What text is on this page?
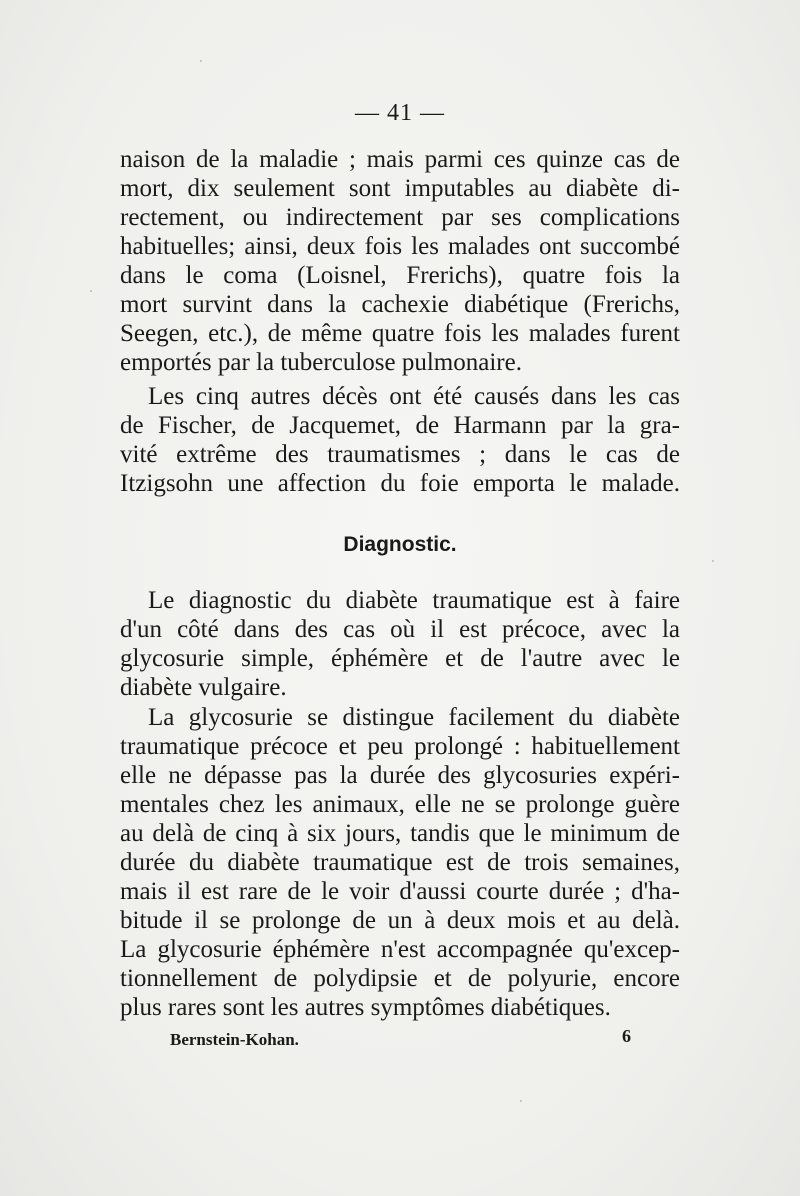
— 41 —
naison de la maladie ; mais parmi ces quinze cas de
mort, dix seulement sont imputables au diabète di-
rectement, ou indirectement par ses complications
habituelles; ainsi, deux fois les malades ont succombé
dans le coma (Loisnel, Frerichs), quatre fois la
mort survint dans la cachexie diabétique (Frerichs,
Seegen, etc.), de même quatre fois les malades furent
emportés par la tuberculose pulmonaire.
Les cinq autres décès ont été causés dans les cas
de Fischer, de Jacquemet, de Harmann par la gra-
vité extrême des traumatismes ; dans le cas de
Itzigsohn une affection du foie emporta le malade.
Diagnostic.
Le diagnostic du diabète traumatique est à faire
d'un côté dans des cas où il est précoce, avec la
glycosurie simple, éphémère et de l'autre avec le
diabète vulgaire.
La glycosurie se distingue facilement du diabète
traumatique précoce et peu prolongé : habituellement
elle ne dépasse pas la durée des glycosuries expéri-
mentales chez les animaux, elle ne se prolonge guère
au delà de cinq à six jours, tandis que le minimum de
durée du diabète traumatique est de trois semaines,
mais il est rare de le voir d'aussi courte durée ; d'ha-
bitude il se prolonge de un à deux mois et au delà.
La glycosurie éphémère n'est accompagnée qu'excep-
tionnellement de polydipsie et de polyurie, encore
plus rares sont les autres symptômes diabétiques.
Bernstein-Kohan.	6
